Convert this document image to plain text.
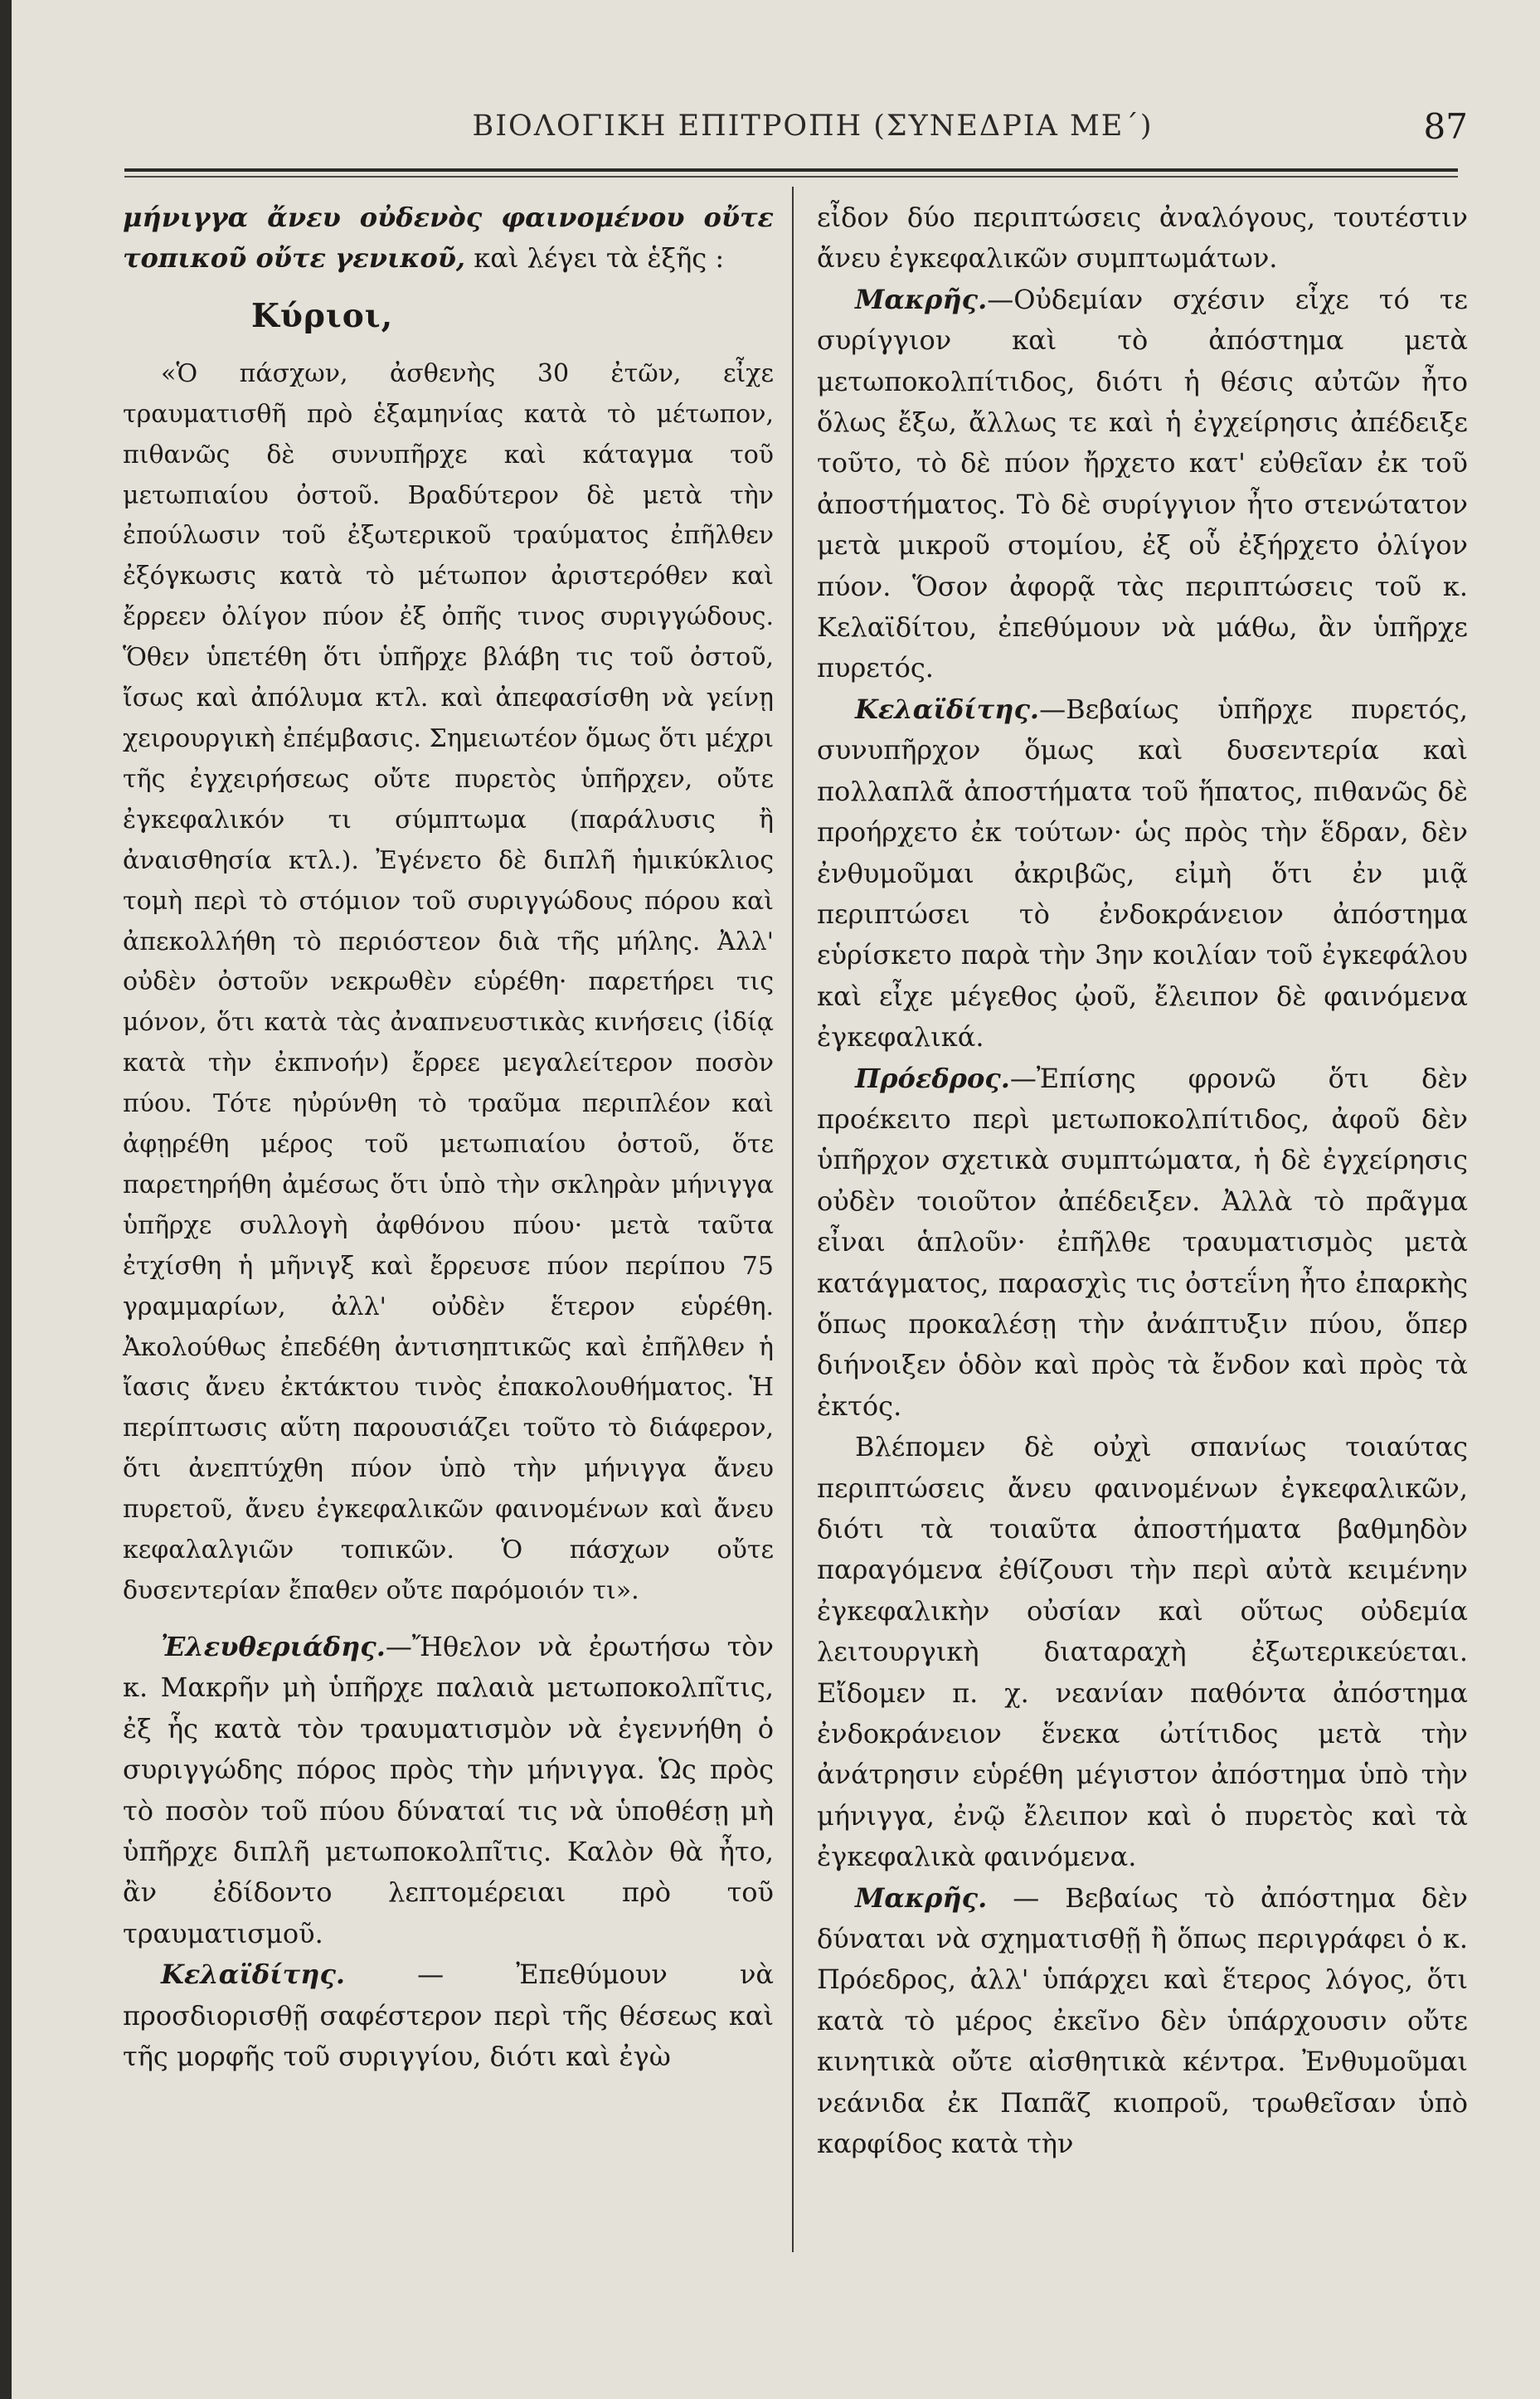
ΒΙΟΛΟΓΙΚΗ ΕΠΙΤΡΟΠΗ (ΣΥΝΕΔΡΙΑ ΜΕ΄)	87

μήνιγγα ἄνευ οὐδενὸς φαινομένου οὔτε τοπικοῦ οὔτε γενικοῦ, καὶ λέγει τὰ ἑξῆς :

Κύριοι,

«Ὁ πάσχων, ἀσθενὴς 30 ἐτῶν, εἶχε τραυματισθῆ πρὸ ἑξαμηνίας κατὰ τὸ μέτωπον, πιθανῶς δὲ συνυπῆρχε καὶ κάταγμα τοῦ μετωπιαίου ὀστοῦ. Βραδύτερον δὲ μετὰ τὴν ἐπούλωσιν τοῦ ἐξωτερικοῦ τραύματος ἐπῆλθεν ἐξόγκωσις κατὰ τὸ μέτωπον ἀριστερόθεν καὶ ἔρρεεν ὀλίγον πύον ἐξ ὀπῆς τινος συριγγώδους. Ὅθεν ὑπετέθη ὅτι ὑπῆρχε βλάβη τις τοῦ ὀστοῦ, ἴσως καὶ ἀπόλυμα κτλ. καὶ ἀπεφασίσθη νὰ γείνῃ χειρουργικὴ ἐπέμβασις. Σημειωτέον ὅμως ὅτι μέχρι τῆς ἐγχειρήσεως οὔτε πυρετὸς ὑπῆρχεν, οὔτε ἐγκεφαλικόν τι σύμπτωμα (παράλυσις ἢ ἀναισθησία κτλ.). Ἐγένετο δὲ διπλῆ ἡμικύκλιος τομὴ περὶ τὸ στόμιον τοῦ συριγγώδους πόρου καὶ ἀπεκολλήθη τὸ περιόστεον διὰ τῆς μήλης. Ἀλλ' οὐδὲν ὀστοῦν νεκρωθὲν εὑρέθη· παρετήρει τις μόνον, ὅτι κατὰ τὰς ἀναπνευστικὰς κινήσεις (ἰδίᾳ κατὰ τὴν ἐκπνοήν) ἔρρεε μεγαλείτερον ποσὸν πύου. Τότε ηὐρύνθη τὸ τραῦμα περιπλέον καὶ ἀφῃρέθη μέρος τοῦ μετωπιαίου ὀστοῦ, ὅτε παρετηρήθη ἀμέσως ὅτι ὑπὸ τὴν σκληρὰν μήνιγγα ὑπῆρχε συλλογὴ ἀφθόνου πύου· μετὰ ταῦτα ἐτχίσθη ἡ μῆνιγξ καὶ ἔρρευσε πύον περίπου 75 γραμμαρίων, ἀλλ' οὐδὲν ἕτερον εὑρέθη. Ἀκολούθως ἐπεδέθη ἀντισηπτικῶς καὶ ἐπῆλθεν ἡ ἴασις ἄνευ ἐκτάκτου τινὸς ἐπακολουθήματος. Ἡ περίπτωσις αὕτη παρουσιάζει τοῦτο τὸ διάφερον, ὅτι ἀνεπτύχθη πύον ὑπὸ τὴν μήνιγγα ἄνευ πυρετοῦ, ἄνευ ἐγκεφαλικῶν φαινομένων καὶ ἄνευ κεφαλαλγιῶν τοπικῶν. Ὁ πάσχων οὔτε δυσεντερίαν ἔπαθεν οὔτε παρόμοιόν τι».

Ἐλευθεριάδης.—Ἤθελον νὰ ἐρωτήσω τὸν κ. Μακρῆν μὴ ὑπῆρχε παλαιὰ μετωποκολπῖτις, ἐξ ἧς κατὰ τὸν τραυματισμὸν νὰ ἐγεννήθη ὁ συριγγώδης πόρος πρὸς τὴν μήνιγγα. Ὡς πρὸς τὸ ποσὸν τοῦ πύου δύναταί τις νὰ ὑποθέσῃ μὴ ὑπῆρχε διπλῆ μετωποκολπῖτις. Καλὸν θὰ ἦτο, ἂν ἐδίδοντο λεπτομέρειαι πρὸ τοῦ τραυματισμοῦ.

Κελαϊδίτης. — Ἐπεθύμουν νὰ προσδιορισθῇ σαφέστερον περὶ τῆς θέσεως καὶ τῆς μορφῆς τοῦ συριγγίου, διότι καὶ ἐγὼ

εἶδον δύο περιπτώσεις ἀναλόγους, τουτέστιν ἄνευ ἐγκεφαλικῶν συμπτωμάτων.

Μακρῆς.—Οὐδεμίαν σχέσιν εἶχε τό τε συρίγγιον καὶ τὸ ἀπόστημα μετὰ μετωποκολπίτιδος, διότι ἡ θέσις αὐτῶν ἦτο ὅλως ἔξω, ἄλλως τε καὶ ἡ ἐγχείρησις ἀπέδειξε τοῦτο, τὸ δὲ πύον ἤρχετο κατ' εὐθεῖαν ἐκ τοῦ ἀποστήματος. Τὸ δὲ συρίγγιον ἦτο στενώτατον μετὰ μικροῦ στομίου, ἐξ οὗ ἐξήρχετο ὀλίγον πύον. Ὅσον ἀφορᾷ τὰς περιπτώσεις τοῦ κ. Κελαϊδίτου, ἐπεθύμουν νὰ μάθω, ἂν ὑπῆρχε πυρετός.

Κελαϊδίτης.—Βεβαίως ὑπῆρχε πυρετός, συνυπῆρχον ὅμως καὶ δυσεντερία καὶ πολλαπλᾶ ἀποστήματα τοῦ ἥπατος, πιθανῶς δὲ προήρχετο ἐκ τούτων· ὡς πρὸς τὴν ἕδραν, δὲν ἐνθυμοῦμαι ἀκριβῶς, εἰμὴ ὅτι ἐν μιᾷ περιπτώσει τὸ ἐνδοκράνειον ἀπόστημα εὑρίσκετο παρὰ τὴν 3ην κοιλίαν τοῦ ἐγκεφάλου καὶ εἶχε μέγεθος ᾠοῦ, ἔλειπον δὲ φαινόμενα ἐγκεφαλικά.

Πρόεδρος.—Ἐπίσης φρονῶ ὅτι δὲν προέκειτο περὶ μετωποκολπίτιδος, ἀφοῦ δὲν ὑπῆρχον σχετικὰ συμπτώματα, ἡ δὲ ἐγχείρησις οὐδὲν τοιοῦτον ἀπέδειξεν. Ἀλλὰ τὸ πρᾶγμα εἶναι ἁπλοῦν· ἐπῆλθε τραυματισμὸς μετὰ κατάγματος, παρασχὶς τις ὀστεΐνη ἦτο ἐπαρκὴς ὅπως προκαλέσῃ τὴν ἀνάπτυξιν πύου, ὅπερ διήνοιξεν ὁδὸν καὶ πρὸς τὰ ἔνδον καὶ πρὸς τὰ ἐκτός.

Βλέπομεν δὲ οὐχὶ σπανίως τοιαύτας περιπτώσεις ἄνευ φαινομένων ἐγκεφαλικῶν, διότι τὰ τοιαῦτα ἀποστήματα βαθμηδὸν παραγόμενα ἐθίζουσι τὴν περὶ αὐτὰ κειμένην ἐγκεφαλικὴν οὐσίαν καὶ οὕτως οὐδεμία λειτουργικὴ διαταραχὴ ἐξωτερικεύεται. Εἴδομεν π. χ. νεανίαν παθόντα ἀπόστημα ἐνδοκράνειον ἕνεκα ὠτίτιδος μετὰ τὴν ἀνάτρησιν εὑρέθη μέγιστον ἀπόστημα ὑπὸ τὴν μήνιγγα, ἐνῷ ἔλειπον καὶ ὁ πυρετὸς καὶ τὰ ἐγκεφαλικὰ φαινόμενα.

Μακρῆς. — Βεβαίως τὸ ἀπόστημα δὲν δύναται νὰ σχηματισθῇ ἢ ὅπως περιγράφει ὁ κ. Πρόεδρος, ἀλλ' ὑπάρχει καὶ ἕτερος λόγος, ὅτι κατὰ τὸ μέρος ἐκεῖνο δὲν ὑπάρχουσιν οὔτε κινητικὰ οὔτε αἰσθητικὰ κέντρα. Ἐνθυμοῦμαι νεάνιδα ἐκ Παπᾶζ κιοπροῦ, τρωθεῖσαν ὑπὸ καρφίδος κατὰ τὴν
